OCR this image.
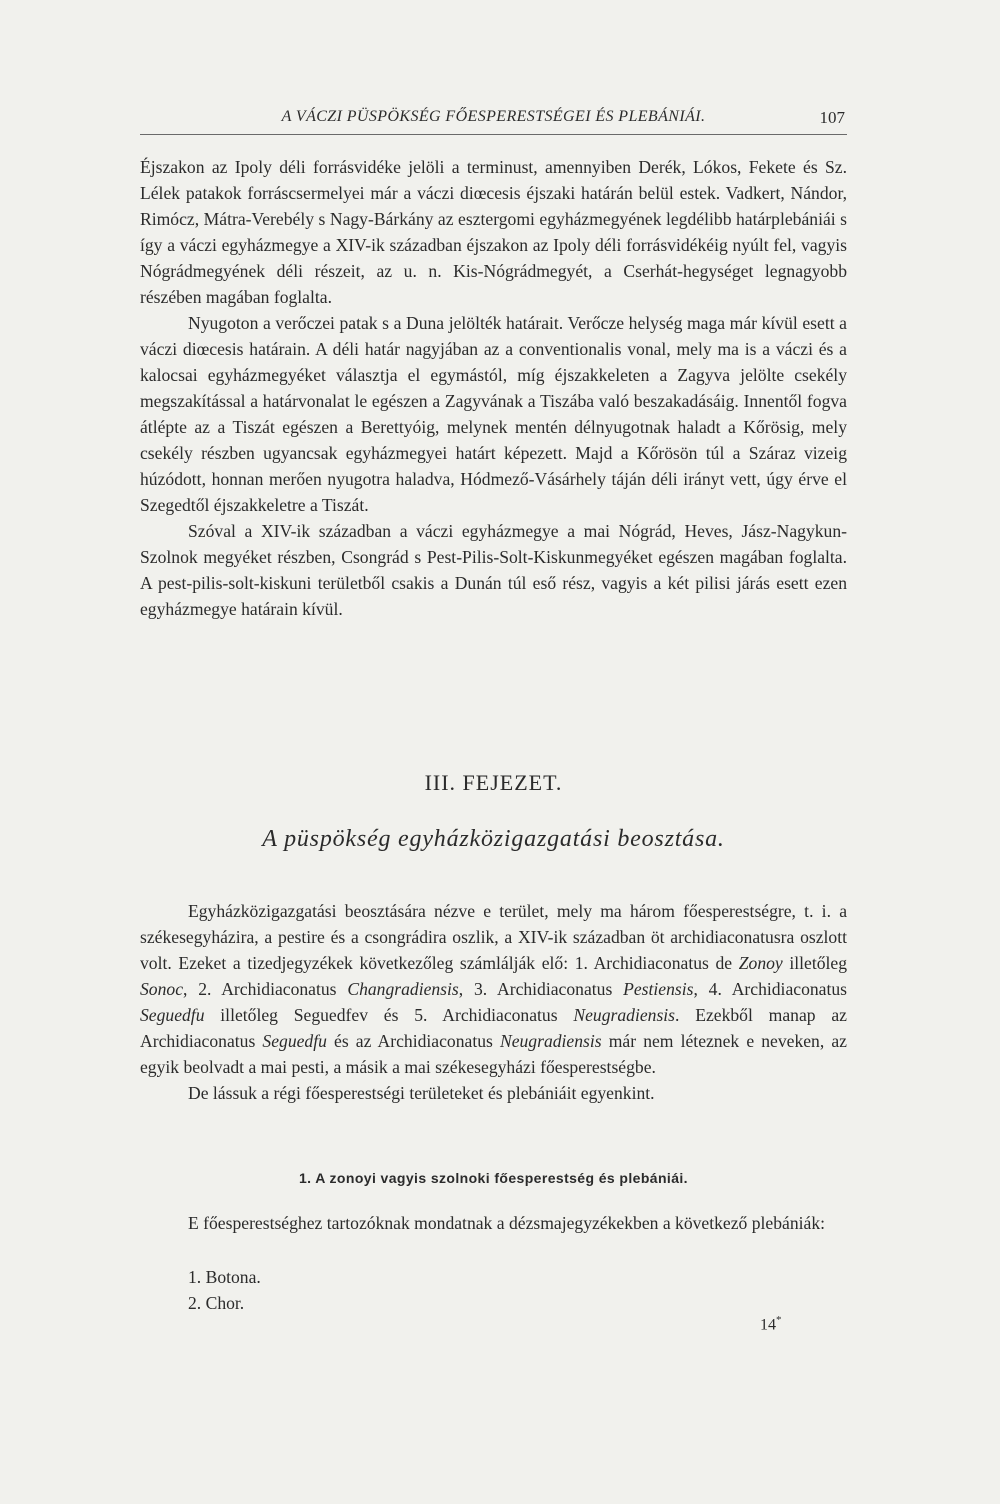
A VÁCZI PÜSPÖKSÉG FŐESPERESTSÉGEI ÉS PLEBÁNIÁI.	107

Éjszakon az Ipoly déli forrásvidéke jelöli a terminust, amennyiben Derék, Lókos, Fekete és Sz. Lélek patakok forráscsermelyei már a váczi diœcesis éjszaki határán belül estek. Vadkert, Nándor, Rimócz, Mátra-Verebély s Nagy-Bárkány az esztergomi egyházmegyének legdélibb határplebániái s így a váczi egyházmegye a XIV-ik században éjszakon az Ipoly déli forrásvidékéig nyúlt fel, vagyis Nógrádmegyének déli részeit, az u. n. Kis-Nógrádmegyét, a Cserhát-hegységet legnagyobb részében magában foglalta.

Nyugoton a verőczei patak s a Duna jelölték határait. Verőcze helység maga már kívül esett a váczi diœcesis határain. A déli határ nagyjában az a conventionalis vonal, mely ma is a váczi és a kalocsai egyházmegyéket választja el egymástól, míg éjszakkeleten a Zagyva jelölte csekély megszakítással a határvonalat le egészen a Zagyvának a Tiszába való beszakadásáig. Innentől fogva átlépte az a Tiszát egészen a Berettyóig, melynek mentén délnyugotnak haladt a Kőrösig, mely csekély részben ugyancsak egyházmegyei határt képezett. Majd a Kőrösön túl a Száraz vizeig húzódott, honnan merően nyugotra haladva, Hódmező-Vásárhely táján déli irányt vett, úgy érve el Szegedtől éjszakkeletre a Tiszát.

Szóval a XIV-ik században a váczi egyházmegye a mai Nógrád, Heves, Jász-Nagykun-Szolnok megyéket részben, Csongrád s Pest-Pilis-Solt-Kiskunmegyéket egészen magában foglalta. A pest-pilis-solt-kiskuni területből csakis a Dunán túl eső rész, vagyis a két pilisi járás esett ezen egyházmegye határain kívül.

III. FEJEZET.
A püspökség egyházközigazgatási beosztása.

Egyházközigazgatási beosztására nézve e terület, mely ma három főesperestségre, t. i. a székesegyházira, a pestire és a csongrádira oszlik, a XIV-ik században öt archidiaconatusra oszlott volt. Ezeket a tizedjegyzékek következőleg számlálják elő: 1. Archidiaconatus de Zonoy illetőleg Sonoc, 2. Archidiaconatus Changradiensis, 3. Archidiaconatus Pestiensis, 4. Archidiaconatus Seguedfu illetőleg Seguedfev és 5. Archidiaconatus Neugradiensis. Ezekből manap az Archidiaconatus Seguedfu és az Archidiaconatus Neugradiensis már nem léteznek e neveken, az egyik beolvadt a mai pesti, a másik a mai székesegyházi főesperestségbe.

De lássuk a régi főesperestségi területeket és plebániáit egyenkint.

1. A zonoyi vagyis szolnoki főesperestség és plebániái.

E főesperestséghez tartozóknak mondatnak a dézsmajegyzékekben a következő plebániák:

1. Botona.
2. Chor.
14*
